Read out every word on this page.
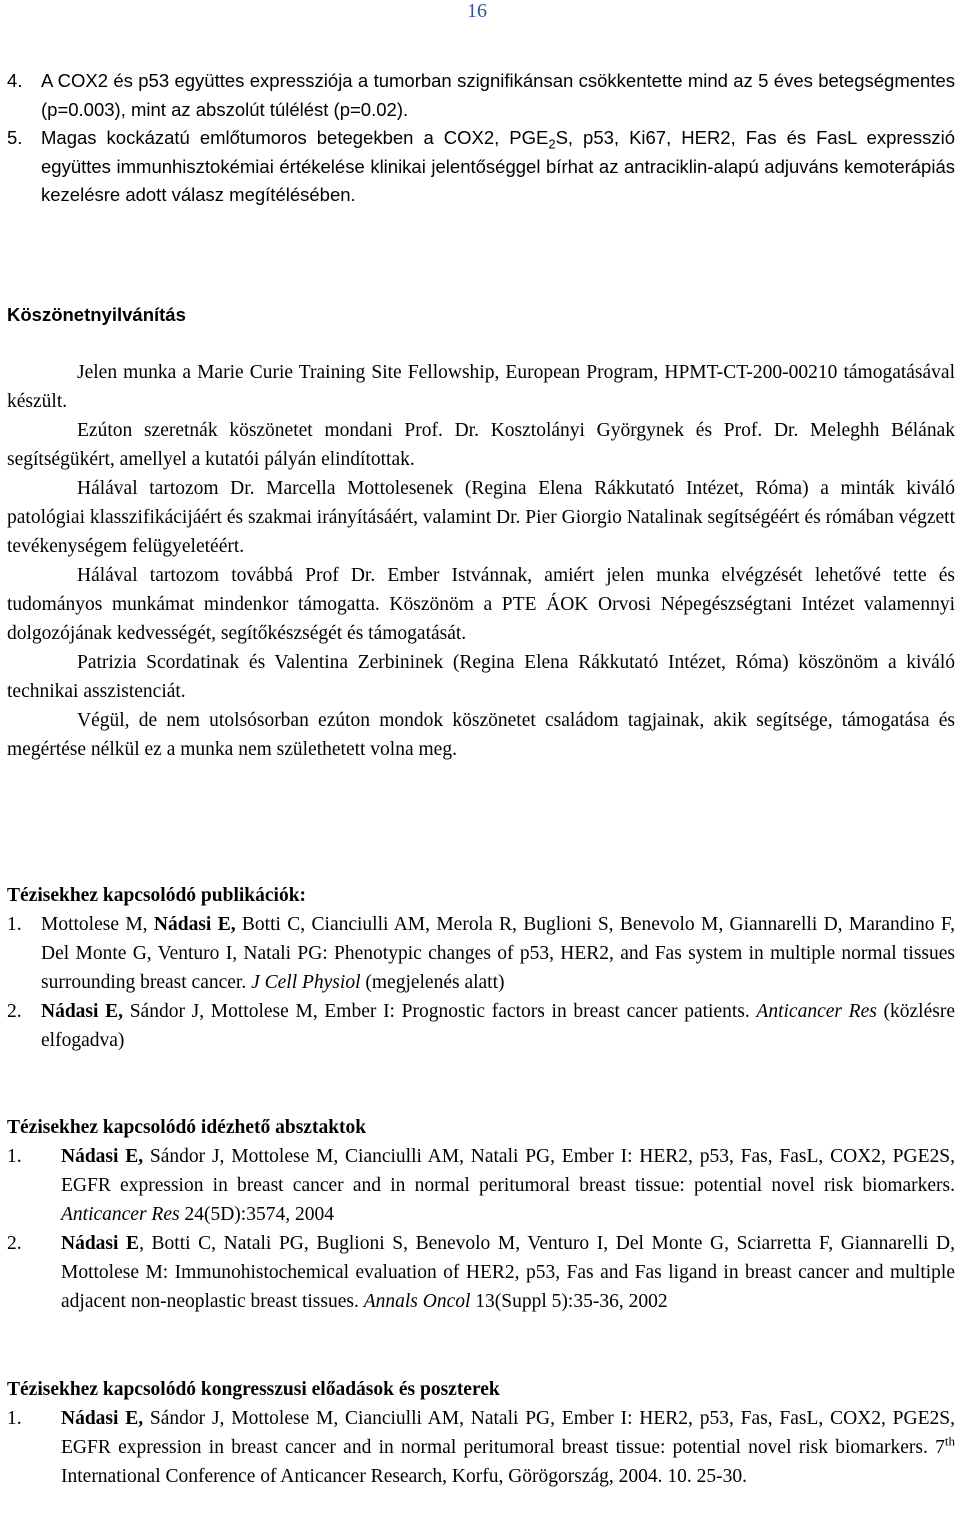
16
4. A COX2 és p53 együttes expressziója a tumorban szignifikánsan csökkentette mind az 5 éves betegségmentes (p=0.003), mint az abszolút túlélést (p=0.02).
5. Magas kockázatú emlőtumoros betegekben a COX2, $PGE_2S$, p53, Ki67, HER2, Fas és FasL expresszió együttes immunhisztokémiai értékelése klinikai jelentőséggel bírhat az antraciklin-alapú adjuváns kemoterápiás kezelésre adott válasz megítélésében.
Köszönetnyilvánítás

Jelen munka a Marie Curie Training Site Fellowship, European Program, HPMT-CT-200-00210 támogatásával készült.

Ezúton szeretnák köszönetet mondani Prof. Dr. Kosztolányi Györgynek és Prof. Dr. Meleghh Bélának segítségükért, amellyel a kutatói pályán elindítottak.

Hálával tartozom Dr. Marcella Mottolesenek (Regina Elena Rákkutató Intézet, Róma) a minták kiváló patológiai klasszifikácijáért és szakmai irányításáért, valamint Dr. Pier Giorgio Natalinak segítségéért és rómában végzett tevékenységem felügyeletéért.

Hálával tartozom továbbá Prof Dr. Ember Istvánnak, amiért jelen munka elvégzését lehetővé tette és tudományos munkámat mindenkor támogatta. Köszönöm a PTE ÁOK Orvosi Népegészségtani Intézet valamennyi dolgozójának kedvességét, segítőkészségét és támogatását.

Patrizia Scordatinak és Valentina Zerbininek (Regina Elena Rákkutató Intézet, Róma) köszönöm a kiváló technikai asszistenciát.

Végül, de nem utolsósorban ezúton mondok köszönetet családom tagjainak, akik segítsége, támogatása és megértése nélkül ez a munka nem születhetett volna meg.

Tézisekhez kapcsolódó publikációk:
1. Mottolese M, Nádasi E, Botti C, Cianciulli AM, Merola R, Buglioni S, Benevolo M, Giannarelli D, Marandino F, Del Monte G, Venturo I, Natali PG: Phenotypic changes of p53, HER2, and Fas system in multiple normal tissues surrounding breast cancer. J Cell Physiol (megjelenés alatt)
2. Nádasi E, Sándor J, Mottolese M, Ember I: Prognostic factors in breast cancer patients. Anticancer Res (közlésre elfogadva)
Tézisekhez kapcsolódó idézhető absztaktok
1. Nádasi E, Sándor J, Mottolese M, Cianciulli AM, Natali PG, Ember I: HER2, p53, Fas, FasL, COX2, PGE2S, EGFR expression in breast cancer and in normal peritumoral breast tissue: potential novel risk biomarkers. Anticancer Res 24(5D):3574, 2004
2. Nádasi E, Botti C, Natali PG, Buglioni S, Benevolo M, Venturo I, Del Monte G, Sciarretta F, Giannarelli D, Mottolese M: Immunohistochemical evaluation of HER2, p53, Fas and Fas ligand in breast cancer and multiple adjacent non-neoplastic breast tissues. Annals Oncol 13(Suppl 5):35-36, 2002
Tézisekhez kapcsolódó kongresszusi előadások és poszterek
1. Nádasi E, Sándor J, Mottolese M, Cianciulli AM, Natali PG, Ember I: HER2, p53, Fas, FasL, COX2, PGE2S, EGFR expression in breast cancer and in normal peritumoral breast tissue: potential novel risk biomarkers. 7th International Conference of Anticancer Research, Korfu, Görögország, 2004. 10. 25-30.
